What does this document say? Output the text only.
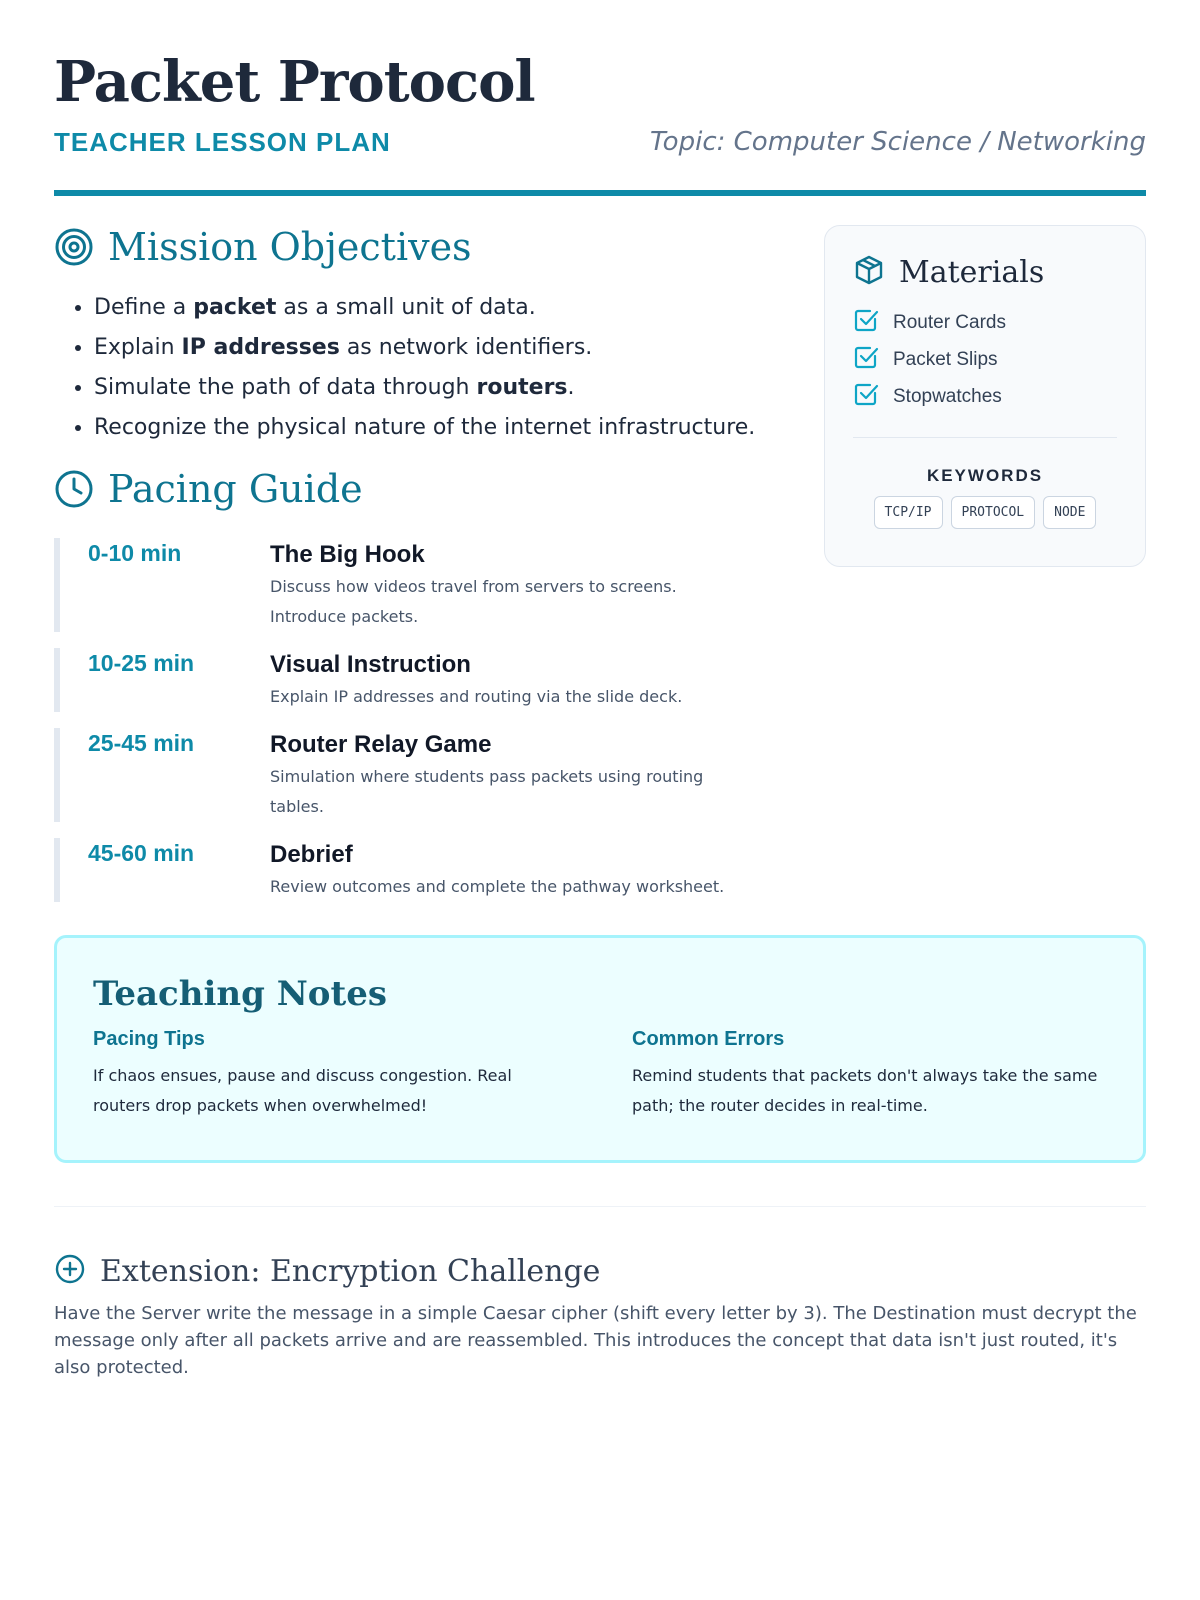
Packet Protocol
TEACHER LESSON PLAN	Topic: Computer Science / Networking
Mission Objectives
• Define a packet as a small unit of data.
• Explain IP addresses as network identifiers.
• Simulate the path of data through routers.
• Recognize the physical nature of the internet infrastructure.
Pacing Guide
0-10 min	The Big Hook
Discuss how videos travel from servers to screens. Introduce packets.
10-25 min	Visual Instruction
Explain IP addresses and routing via the slide deck.
25-45 min	Router Relay Game
Simulation where students pass packets using routing tables.
45-60 min	Debrief
Review outcomes and complete the pathway worksheet.
Materials
Router Cards
Packet Slips
Stopwatches
KEYWORDS
TCP/IP	PROTOCOL	NODE
Teaching Notes
Pacing Tips
If chaos ensues, pause and discuss congestion. Real routers drop packets when overwhelmed!
Common Errors
Remind students that packets don't always take the same path; the router decides in real-time.
Extension: Encryption Challenge
Have the Server write the message in a simple Caesar cipher (shift every letter by 3). The Destination must decrypt the message only after all packets arrive and are reassembled. This introduces the concept that data isn't just routed, it's also protected.
